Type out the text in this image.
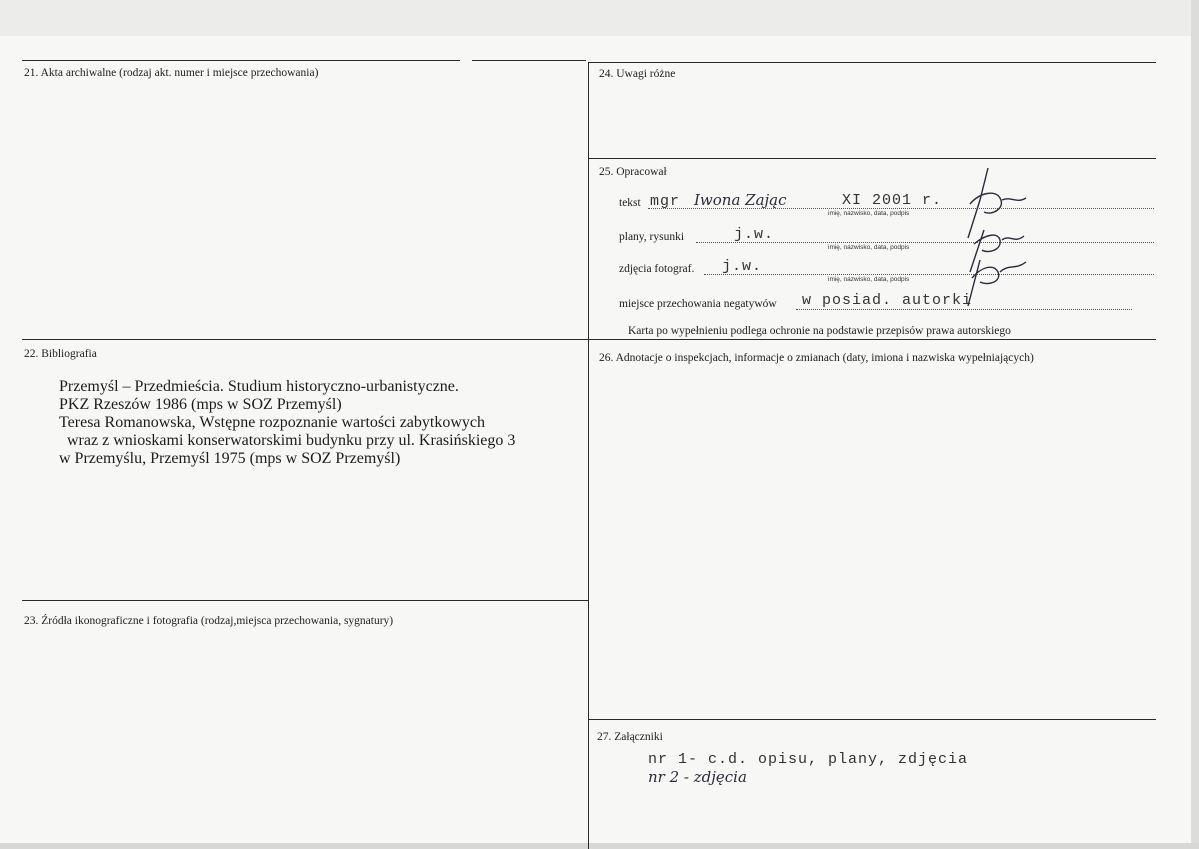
21. Akta archiwalne (rodzaj akt. numer i miejsce przechowania)
22. Bibliografia
Przemyśl – Przedmieścia. Studium historyczno-urbanistyczne.
PKZ Rzeszów 1986 (mps w SOZ Przemyśl)
Teresa Romanowska, Wstępne rozpoznanie wartości zabytkowych
wraz z wnioskami konserwatorskimi budynku przy ul. Krasińskiego 3
w Przemyślu, Przemyśl 1975 (mps w SOZ Przemyśl)
23. Źródła ikonograficzne i fotografia (rodzaj,miejsca przechowania, sygnatury)
24. Uwagi różne
25. Opracował
tekst mgr Iwona Zając	XI 2001 r.
imię, nazwisko, data, podpis
plany, rysunki	j.w.
imię, nazwisko, data, podpis
zdjęcia fotograf. j.w.
imię, nazwisko, data, podpis
miejsce przechowania negatywów w posiad. autorki
Karta po wypełnieniu podlega ochronie na podstawie przepisów prawa autorskiego
26. Adnotacje o inspekcjach, informacje o zmianach (daty, imiona i nazwiska wypełniających)
27. Załączniki
nr 1- c.d. opisu, plany, zdjęcia
nr 2 - zdjęcia
